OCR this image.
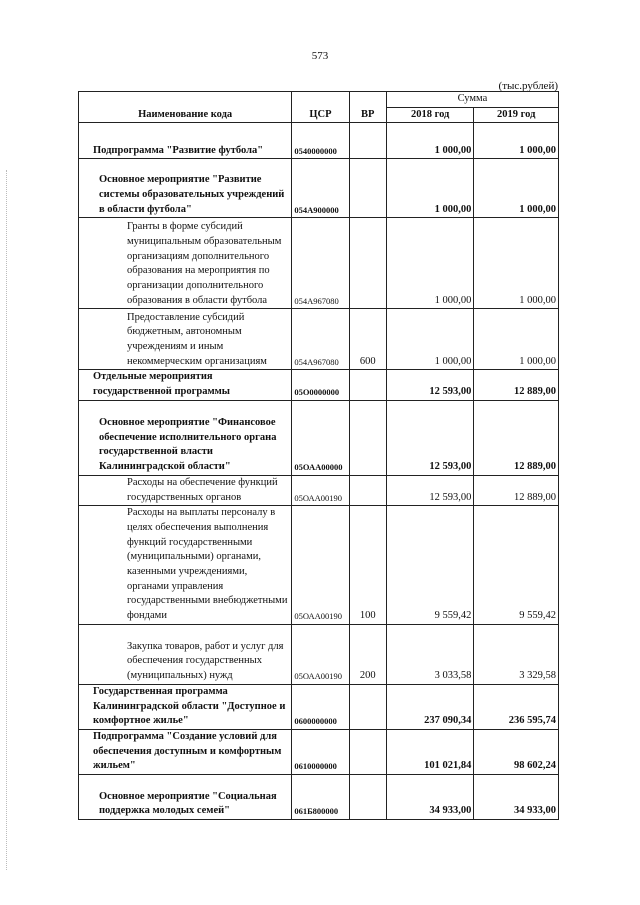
573
(тыс.рублей)
Наименование кода	ЦСР	ВР	Сумма	
			2018 год	2019 год
Подпрограмма "Развитие футбола"	0540000000		1 000,00	1 000,00
Основное мероприятие "Развитие системы образовательных учреждений в области футбола"	054А900000		1 000,00	1 000,00
Гранты в форме субсидий муниципальным образовательным организациям дополнительного образования на мероприятия по организации дополнительного образования в области футбола	054А967080		1 000,00	1 000,00
Предоставление субсидий бюджетным, автономным учреждениям и иным некоммерческим организациям	054А967080	600	1 000,00	1 000,00
Отдельные мероприятия государственной программы	05О0000000		12 593,00	12 889,00
Основное мероприятие "Финансовое обеспечение исполнительного органа государственной власти Калининградской области"	05ОАА00000		12 593,00	12 889,00
Расходы на обеспечение функций государственных органов	05ОАА00190		12 593,00	12 889,00
Расходы на выплаты персоналу в целях обеспечения выполнения функций государственными (муниципальными) органами, казенными учреждениями, органами управления государственными внебюджетными фондами	05ОАА00190	100	9 559,42	9 559,42
Закупка товаров, работ и услуг для обеспечения государственных (муниципальных) нужд	05ОАА00190	200	3 033,58	3 329,58
Государственная программа Калининградской области "Доступное и комфортное жилье"	0600000000		237 090,34	236 595,74
Подпрограмма "Создание условий для обеспечения доступным и комфортным жильем"	0610000000		101 021,84	98 602,24
Основное мероприятие "Социальная поддержка молодых семей"	061Б800000		34 933,00	34 933,00
